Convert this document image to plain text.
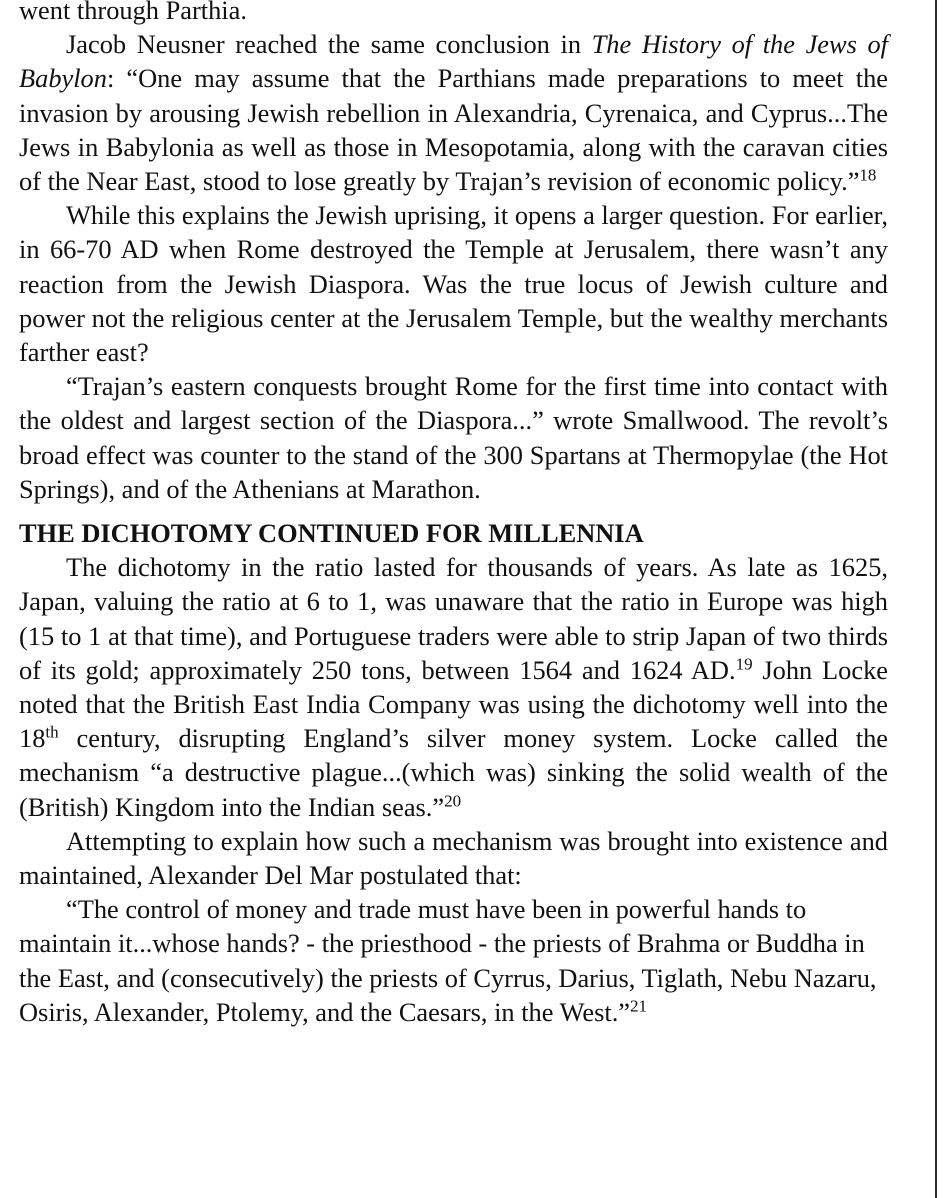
went through Parthia.

Jacob Neusner reached the same conclusion in The History of the Jews of Babylon: “One may assume that the Parthians made preparations to meet the invasion by arousing Jewish rebellion in Alexandria, Cyrenaica, and Cyprus...The Jews in Babylonia as well as those in Mesopotamia, along with the caravan cities of the Near East, stood to lose greatly by Trajan’s revision of economic policy.”$^{18}$

While this explains the Jewish uprising, it opens a larger question. For earlier, in 66-70 AD when Rome destroyed the Temple at Jerusalem, there wasn’t any reaction from the Jewish Diaspora. Was the true locus of Jewish culture and power not the religious center at the Jerusalem Temple, but the wealthy merchants farther east?

“Trajan’s eastern conquests brought Rome for the first time into contact with the oldest and largest section of the Diaspora...” wrote Smallwood. The revolt’s broad effect was counter to the stand of the 300 Spartans at Thermopylae (the Hot Springs), and of the Athenians at Marathon.

THE DICHOTOMY CONTINUED FOR MILLENNIA

The dichotomy in the ratio lasted for thousands of years. As late as 1625, Japan, valuing the ratio at 6 to 1, was unaware that the ratio in Europe was high (15 to 1 at that time), and Portuguese traders were able to strip Japan of two thirds of its gold; approximately 250 tons, between 1564 and 1624 AD.$^{19}$ John Locke noted that the British East India Company was using the dichotomy well into the 18th century, disrupting England’s silver money system. Locke called the mechanism “a destructive plague...(which was) sinking the solid wealth of the (British) Kingdom into the Indian seas.”$^{20}$

Attempting to explain how such a mechanism was brought into existence and maintained, Alexander Del Mar postulated that:

“The control of money and trade must have been in powerful hands to maintain it...whose hands? - the priesthood - the priests of Brahma or Buddha in the East, and (consecutively) the priests of Cyrrus, Darius, Tiglath, Nebu Nazaru, Osiris, Alexander, Ptolemy, and the Caesars, in the West.”$^{21}$
